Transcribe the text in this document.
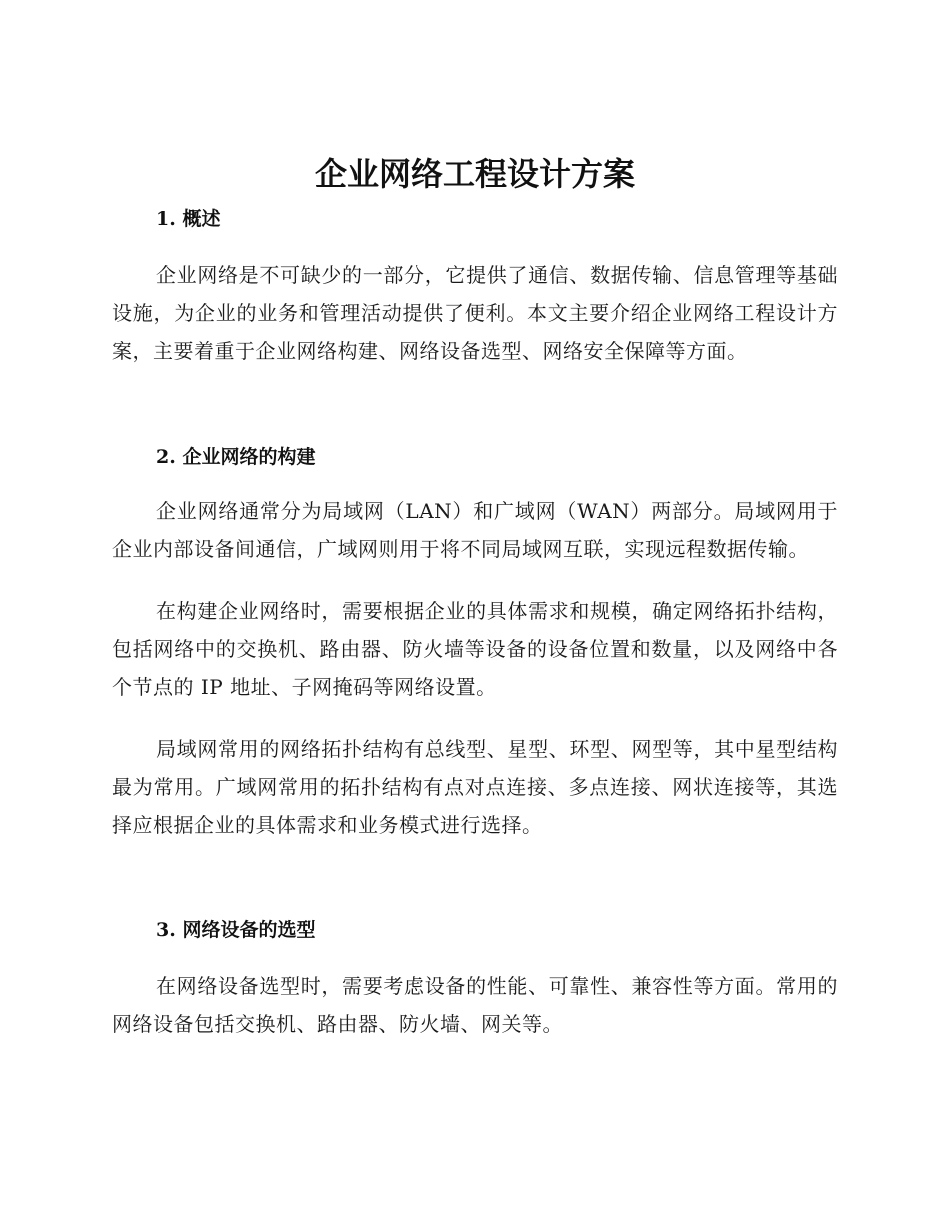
企业网络工程设计方案
1. 概述

企业网络是不可缺少的一部分，它提供了通信、数据传输、信息管理等基础设施，为企业的业务和管理活动提供了便利。本文主要介绍企业网络工程设计方案，主要着重于企业网络构建、网络设备选型、网络安全保障等方面。

2. 企业网络的构建

企业网络通常分为局域网（LAN）和广域网（WAN）两部分。局域网用于企业内部设备间通信，广域网则用于将不同局域网互联，实现远程数据传输。

在构建企业网络时，需要根据企业的具体需求和规模，确定网络拓扑结构，包括网络中的交换机、路由器、防火墙等设备的设备位置和数量，以及网络中各个节点的 IP 地址、子网掩码等网络设置。

局域网常用的网络拓扑结构有总线型、星型、环型、网型等，其中星型结构最为常用。广域网常用的拓扑结构有点对点连接、多点连接、网状连接等，其选择应根据企业的具体需求和业务模式进行选择。

3. 网络设备的选型

在网络设备选型时，需要考虑设备的性能、可靠性、兼容性等方面。常用的网络设备包括交换机、路由器、防火墙、网关等。
